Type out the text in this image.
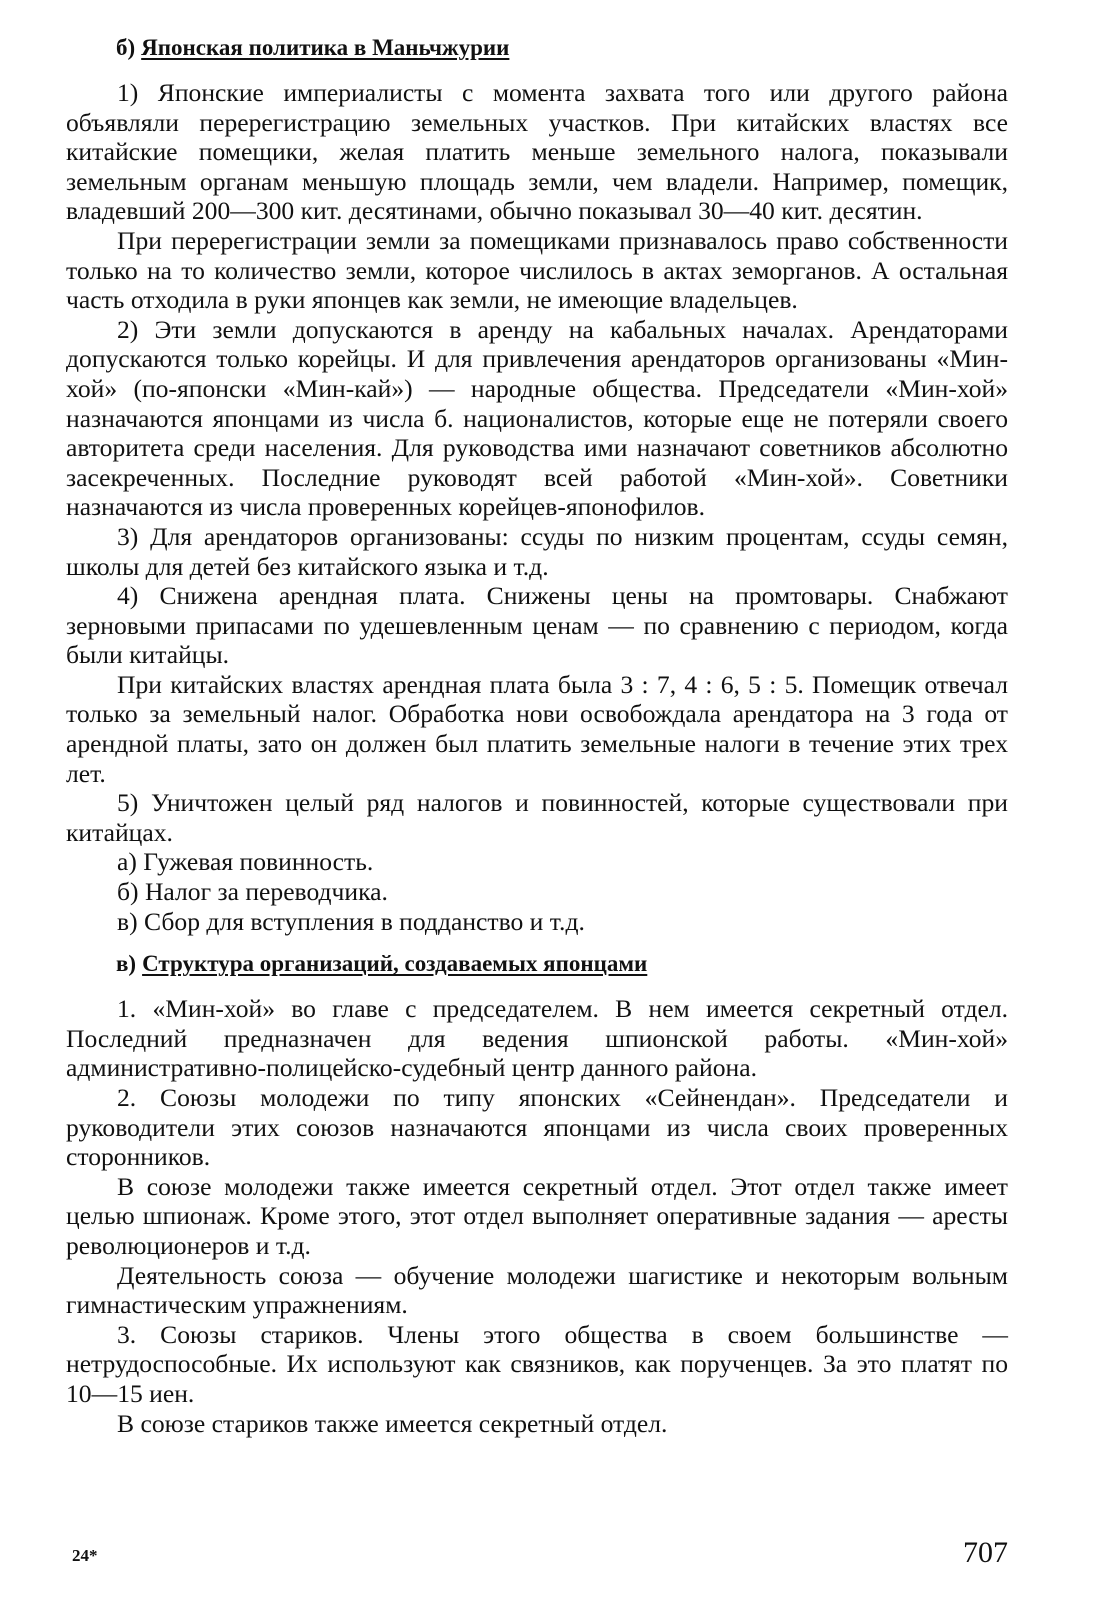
б) Японская политика в Маньчжурии

1) Японские империалисты с момента захвата того или другого района объявляли перерегистрацию земельных участков. При китайских властях все китайские помещики, желая платить меньше земельного налога, показывали земельным органам меньшую площадь земли, чем владели. Например, помещик, владевший 200—300 кит. десятинами, обычно показывал 30—40 кит. десятин.

При перерегистрации земли за помещиками признавалось право собственности только на то количество земли, которое числилось в актах земорганов. А остальная часть отходила в руки японцев как земли, не имеющие владельцев.

2) Эти земли допускаются в аренду на кабальных началах. Арендаторами допускаются только корейцы. И для привлечения арендаторов организованы «Мин-хой» (по-японски «Мин-кай») — народные общества. Председатели «Мин-хой» назначаются японцами из числа б. националистов, которые еще не потеряли своего авторитета среди населения. Для руководства ими назначают советников абсолютно засекреченных. Последние руководят всей работой «Мин-хой». Советники назначаются из числа проверенных корейцев-японофилов.

3) Для арендаторов организованы: ссуды по низким процентам, ссуды семян, школы для детей без китайского языка и т.д.

4) Снижена арендная плата. Снижены цены на промтовары. Снабжают зерновыми припасами по удешевленным ценам — по сравнению с периодом, когда были китайцы.

При китайских властях арендная плата была 3 : 7, 4 : 6, 5 : 5. Помещик отвечал только за земельный налог. Обработка нови освобождала арендатора на 3 года от арендной платы, зато он должен был платить земельные налоги в течение этих трех лет.

5) Уничтожен целый ряд налогов и повинностей, которые существовали при китайцах.

а) Гужевая повинность.

б) Налог за переводчика.

в) Сбор для вступления в подданство и т.д.

в) Структура организаций, создаваемых японцами

1. «Мин-хой» во главе с председателем. В нем имеется секретный отдел. Последний предназначен для ведения шпионской работы. «Мин-хой» административно-полицейско-судебный центр данного района.

2. Союзы молодежи по типу японских «Сейнендан». Председатели и руководители этих союзов назначаются японцами из числа своих проверенных сторонников.

В союзе молодежи также имеется секретный отдел. Этот отдел также имеет целью шпионаж. Кроме этого, этот отдел выполняет оперативные задания — аресты революционеров и т.д.

Деятельность союза — обучение молодежи шагистике и некоторым вольным гимнастическим упражнениям.

3. Союзы стариков. Члены этого общества в своем большинстве — нетрудоспособные. Их используют как связников, как порученцев. За это платят по 10—15 иен.

В союзе стариков также имеется секретный отдел.

24*	707
